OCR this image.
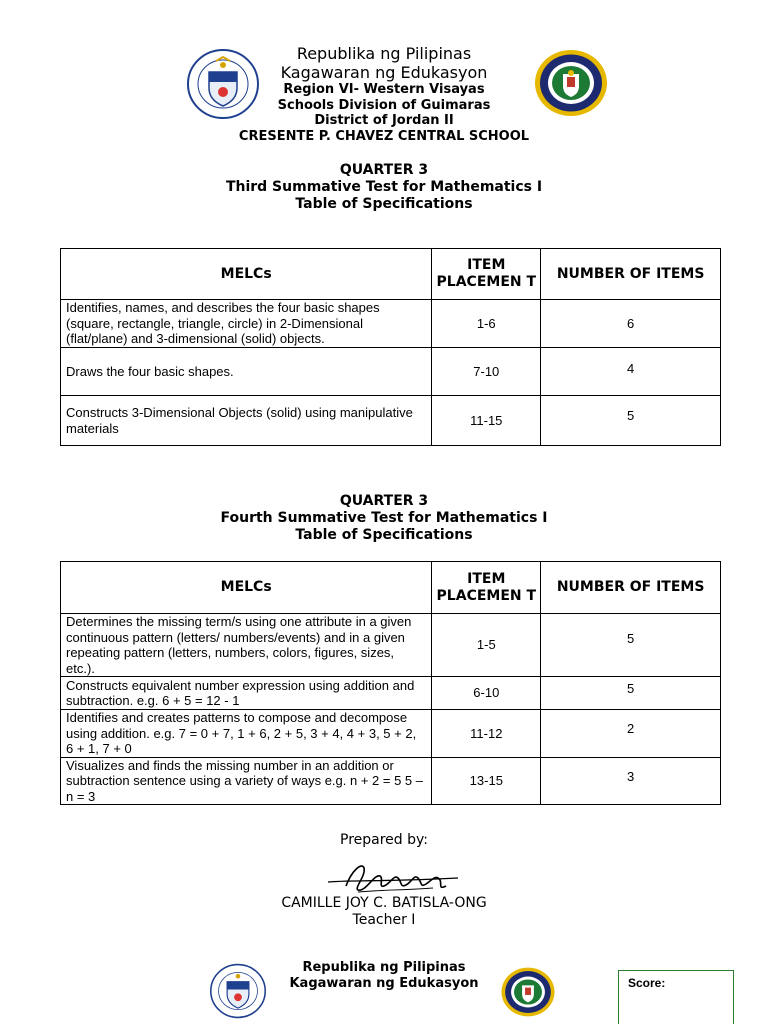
Republika ng Pilipinas
Kagawaran ng Edukasyon
Region VI- Western Visayas
Schools Division of Guimaras
District of Jordan II
CRESENTE P. CHAVEZ CENTRAL SCHOOL
QUARTER 3
Third Summative Test for Mathematics I
Table of Specifications
MELCs	ITEM PLACEMEN T	NUMBER OF ITEMS
Identifies, names, and describes the four basic shapes (square, rectangle, triangle, circle) in 2-Dimensional (flat/plane) and 3-dimensional (solid) objects.	1-6	6
Draws the four basic shapes.	7-10	4
Constructs 3-Dimensional Objects (solid) using manipulative materials	11-15	5
QUARTER 3
Fourth Summative Test for Mathematics I
Table of Specifications
MELCs	ITEM PLACEMEN T	NUMBER OF ITEMS
Determines the missing term/s using one attribute in a given continuous pattern (letters/ numbers/events) and in a given repeating pattern (letters, numbers, colors, figures, sizes, etc.).	1-5	5
Constructs equivalent number expression using addition and subtraction. e.g. 6 + 5 = 12 - 1	6-10	5
Identifies and creates patterns to compose and decompose using addition. e.g. 7 = 0 + 7, 1 + 6, 2 + 5, 3 + 4, 4 + 3, 5 + 2, 6 + 1, 7 + 0	11-12	2
Visualizes and finds the missing number in an addition or subtraction sentence using a variety of ways e.g. n + 2 = 5 5 – n = 3	13-15	3
Prepared by:
CAMILLE JOY C. BATISLA-ONG
Teacher I
Republika ng Pilipinas
Kagawaran ng Edukasyon	Score:
